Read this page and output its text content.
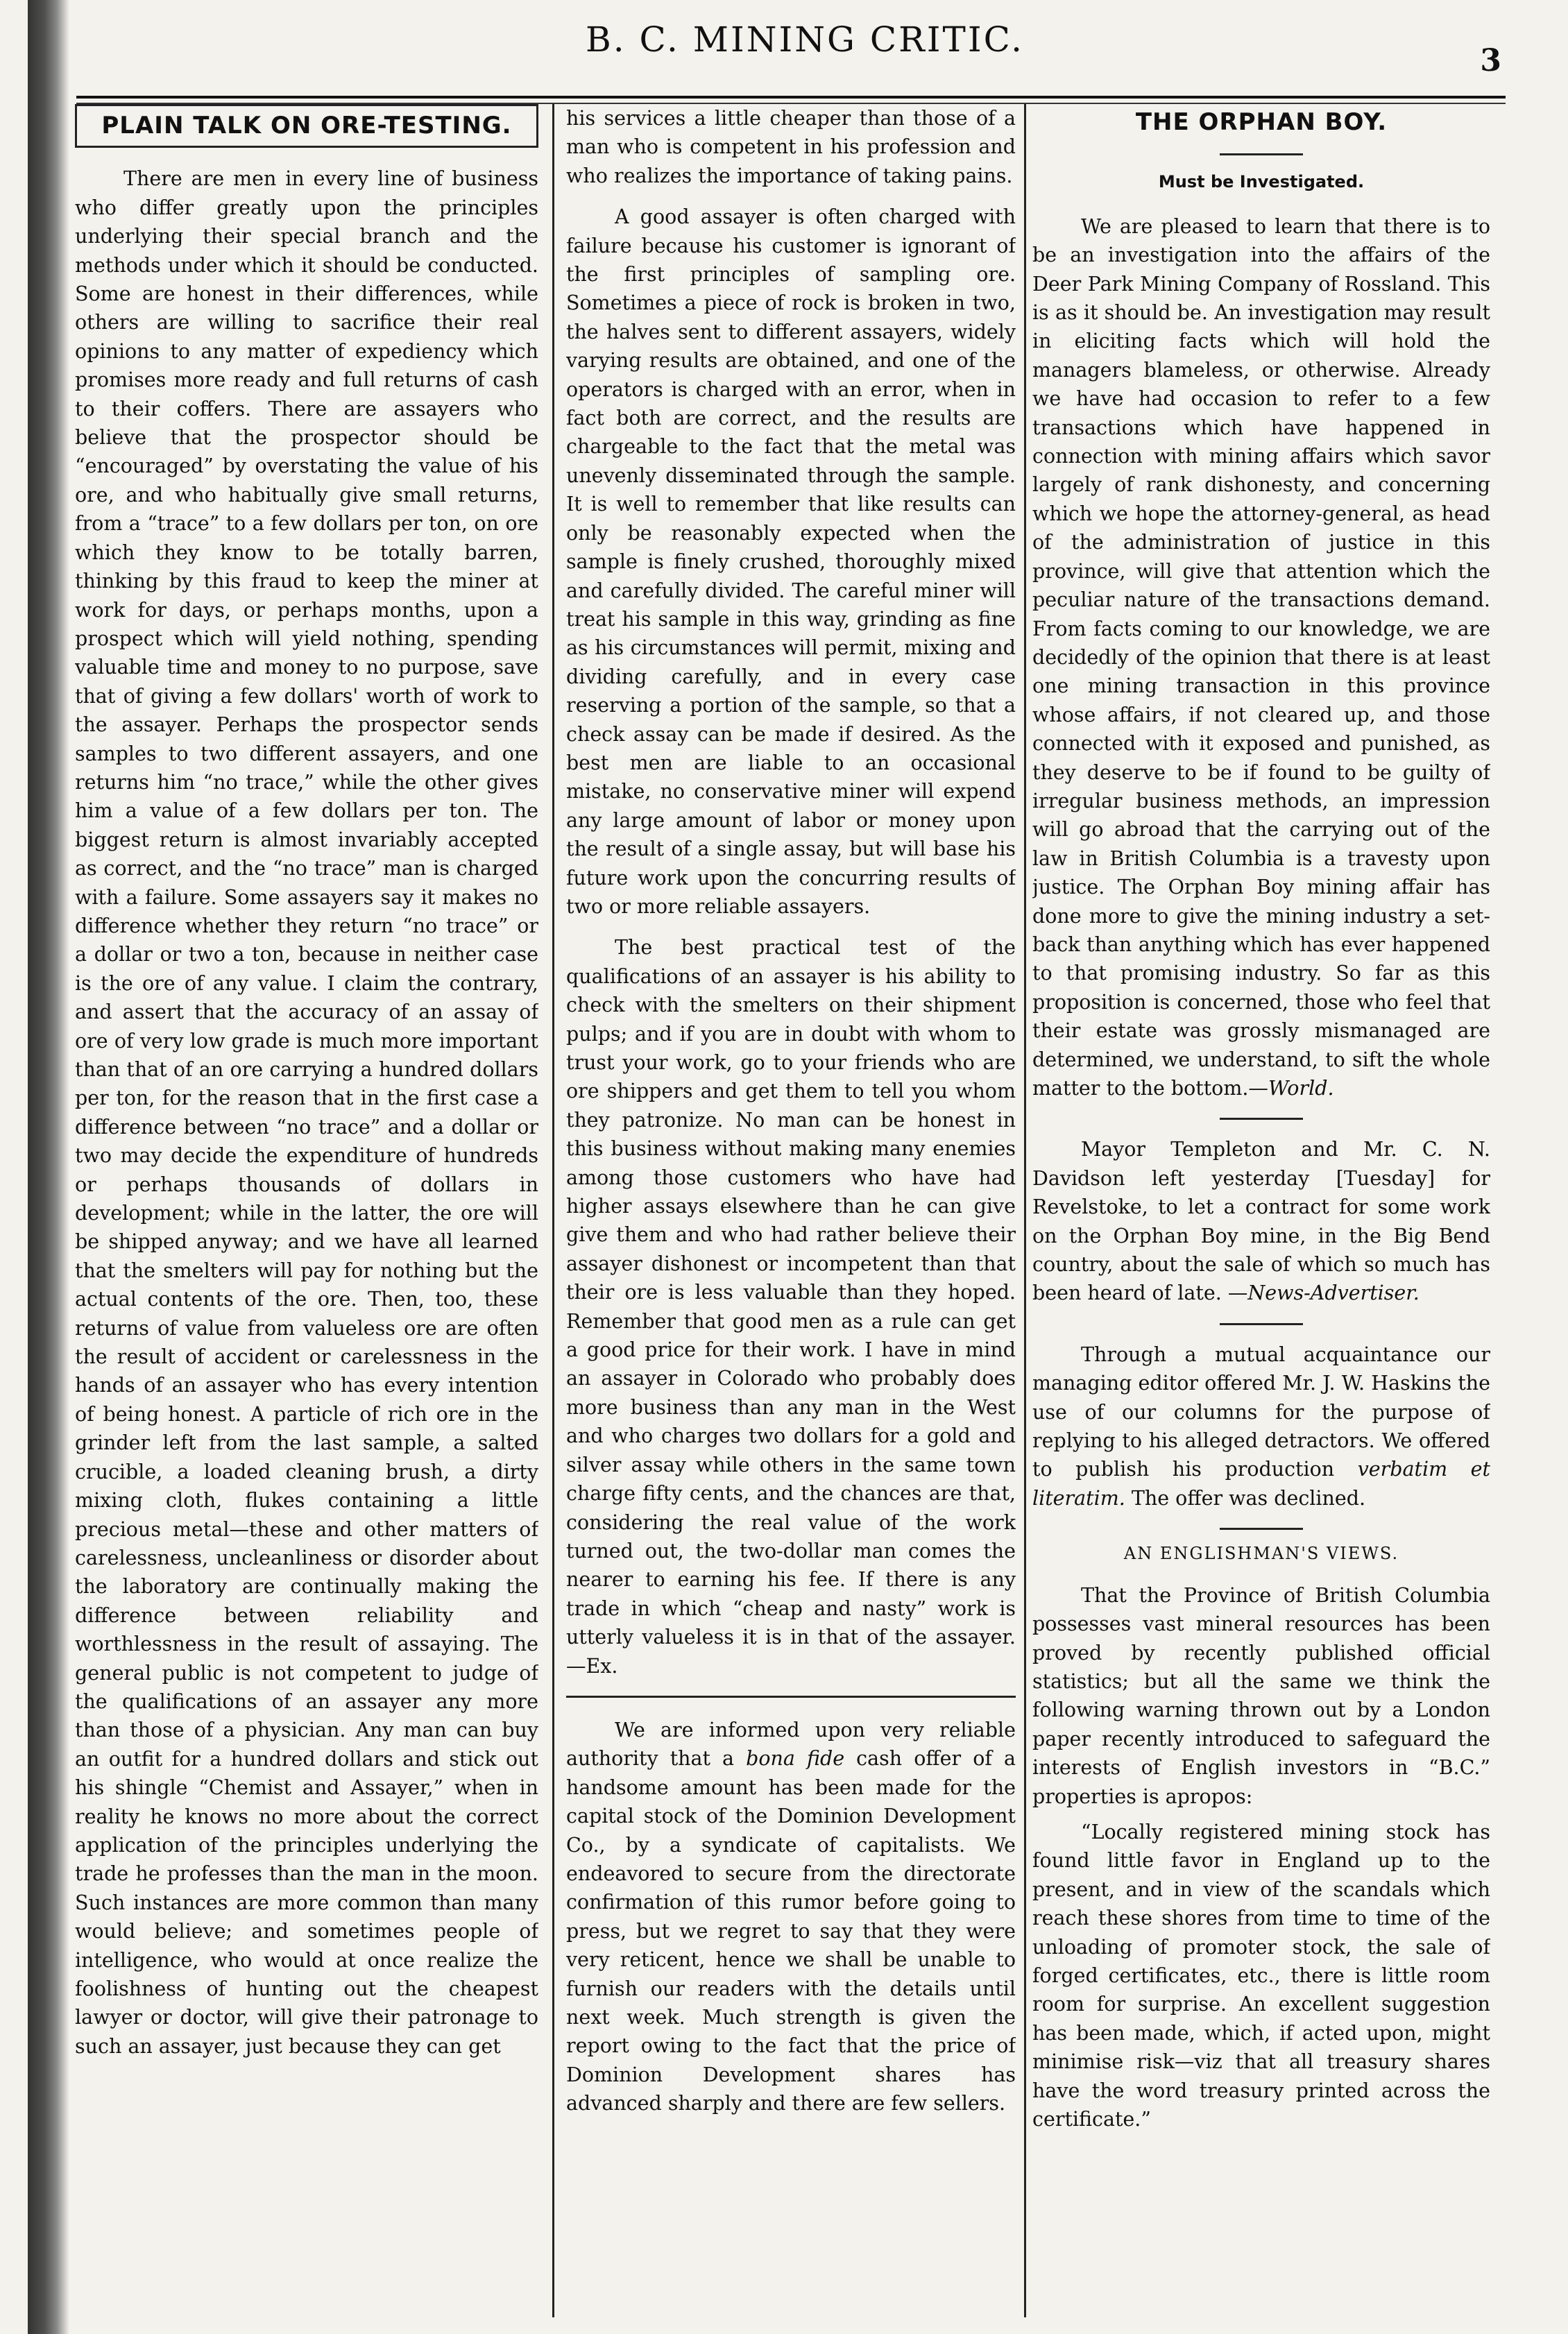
B. C. MINING CRITIC.
3
PLAIN TALK ON ORE-TESTING.

There are men in every line of business who differ greatly upon the principles underlying their special branch and the methods under which it should be conducted. Some are honest in their differences, while others are willing to sacrifice their real opinions to any matter of expediency which promises more ready and full returns of cash to their coffers. There are assayers who believe that the prospector should be “encouraged” by overstating the value of his ore, and who habitually give small returns, from a “trace” to a few dollars per ton, on ore which they know to be totally barren, thinking by this fraud to keep the miner at work for days, or perhaps months, upon a prospect which will yield nothing, spending valuable time and money to no purpose, save that of giving a few dollars' worth of work to the assayer. Perhaps the prospector sends samples to two different assayers, and one returns him “no trace,” while the other gives him a value of a few dollars per ton. The biggest return is almost invariably accepted as correct, and the “no trace” man is charged with a failure. Some assayers say it makes no difference whether they return “no trace” or a dollar or two a ton, because in neither case is the ore of any value. I claim the contrary, and assert that the accuracy of an assay of ore of very low grade is much more important than that of an ore carrying a hundred dollars per ton, for the reason that in the first case a difference between “no trace” and a dollar or two may decide the expenditure of hundreds or perhaps thousands of dollars in development; while in the latter, the ore will be shipped anyway; and we have all learned that the smelters will pay for nothing but the actual contents of the ore. Then, too, these returns of value from valueless ore are often the result of accident or carelessness in the hands of an assayer who has every intention of being honest. A particle of rich ore in the grinder left from the last sample, a salted crucible, a loaded cleaning brush, a dirty mixing cloth, flukes containing a little precious metal—these and other matters of carelessness, uncleanliness or disorder about the laboratory are continually making the difference between reliability and worthlessness in the result of assaying. The general public is not competent to judge of the qualifications of an assayer any more than those of a physician. Any man can buy an outfit for a hundred dollars and stick out his shingle “Chemist and Assayer,” when in reality he knows no more about the correct application of the principles underlying the trade he professes than the man in the moon. Such instances are more common than many would believe; and sometimes people of intelligence, who would at once realize the foolishness of hunting out the cheapest lawyer or doctor, will give their patronage to such an assayer, just because they can get

his services a little cheaper than those of a man who is competent in his profession and who realizes the importance of taking pains.

A good assayer is often charged with failure because his customer is ignorant of the first principles of sampling ore. Sometimes a piece of rock is broken in two, the halves sent to different assayers, widely varying results are obtained, and one of the operators is charged with an error, when in fact both are correct, and the results are chargeable to the fact that the metal was unevenly disseminated through the sample. It is well to remember that like results can only be reasonably expected when the sample is finely crushed, thoroughly mixed and carefully divided. The careful miner will treat his sample in this way, grinding as fine as his circumstances will permit, mixing and dividing carefully, and in every case reserving a portion of the sample, so that a check assay can be made if desired. As the best men are liable to an occasional mistake, no conservative miner will expend any large amount of labor or money upon the result of a single assay, but will base his future work upon the concurring results of two or more reliable assayers.

The best practical test of the qualifications of an assayer is his ability to check with the smelters on their shipment pulps; and if you are in doubt with whom to trust your work, go to your friends who are ore shippers and get them to tell you whom they patronize. No man can be honest in this business without making many enemies among those customers who have had higher assays elsewhere than he can give give them and who had rather believe their assayer dishonest or incompetent than that their ore is less valuable than they hoped. Remember that good men as a rule can get a good price for their work. I have in mind an assayer in Colorado who probably does more business than any man in the West and who charges two dollars for a gold and silver assay while others in the same town charge fifty cents, and the chances are that, considering the real value of the work turned out, the two-dollar man comes the nearer to earning his fee. If there is any trade in which “cheap and nasty” work is utterly valueless it is in that of the assayer.—Ex.

We are informed upon very reliable authority that a bona fide cash offer of a handsome amount has been made for the capital stock of the Dominion Development Co., by a syndicate of capitalists. We endeavored to secure from the directorate confirmation of this rumor before going to press, but we regret to say that they were very reticent, hence we shall be unable to furnish our readers with the details until next week. Much strength is given the report owing to the fact that the price of Dominion Development shares has advanced sharply and there are few sellers.

THE ORPHAN BOY.
Must be Investigated.

We are pleased to learn that there is to be an investigation into the affairs of the Deer Park Mining Company of Rossland. This is as it should be. An investigation may result in eliciting facts which will hold the managers blameless, or otherwise. Already we have had occasion to refer to a few transactions which have happened in connection with mining affairs which savor largely of rank dishonesty, and concerning which we hope the attorney-general, as head of the administration of justice in this province, will give that attention which the peculiar nature of the transactions demand. From facts coming to our knowledge, we are decidedly of the opinion that there is at least one mining transaction in this province whose affairs, if not cleared up, and those connected with it exposed and punished, as they deserve to be if found to be guilty of irregular business methods, an impression will go abroad that the carrying out of the law in British Columbia is a travesty upon justice. The Orphan Boy mining affair has done more to give the mining industry a set-back than anything which has ever happened to that promising industry. So far as this proposition is concerned, those who feel that their estate was grossly mismanaged are determined, we understand, to sift the whole matter to the bottom.—World.

Mayor Templeton and Mr. C. N. Davidson left yesterday [Tuesday] for Revelstoke, to let a contract for some work on the Orphan Boy mine, in the Big Bend country, about the sale of which so much has been heard of late. —News-Advertiser.

Through a mutual acquaintance our managing editor offered Mr. J. W. Haskins the use of our columns for the purpose of replying to his alleged detractors. We offered to publish his production verbatim et literatim. The offer was declined.

AN ENGLISHMAN'S VIEWS.

That the Province of British Columbia possesses vast mineral resources has been proved by recently published official statistics; but all the same we think the following warning thrown out by a London paper recently introduced to safeguard the interests of English investors in “B.C.” properties is apropos:

“Locally registered mining stock has found little favor in England up to the present, and in view of the scandals which reach these shores from time to time of the unloading of promoter stock, the sale of forged certificates, etc., there is little room room for surprise. An excellent suggestion has been made, which, if acted upon, might minimise risk—viz that all treasury shares have the word treasury printed across the certificate.”
